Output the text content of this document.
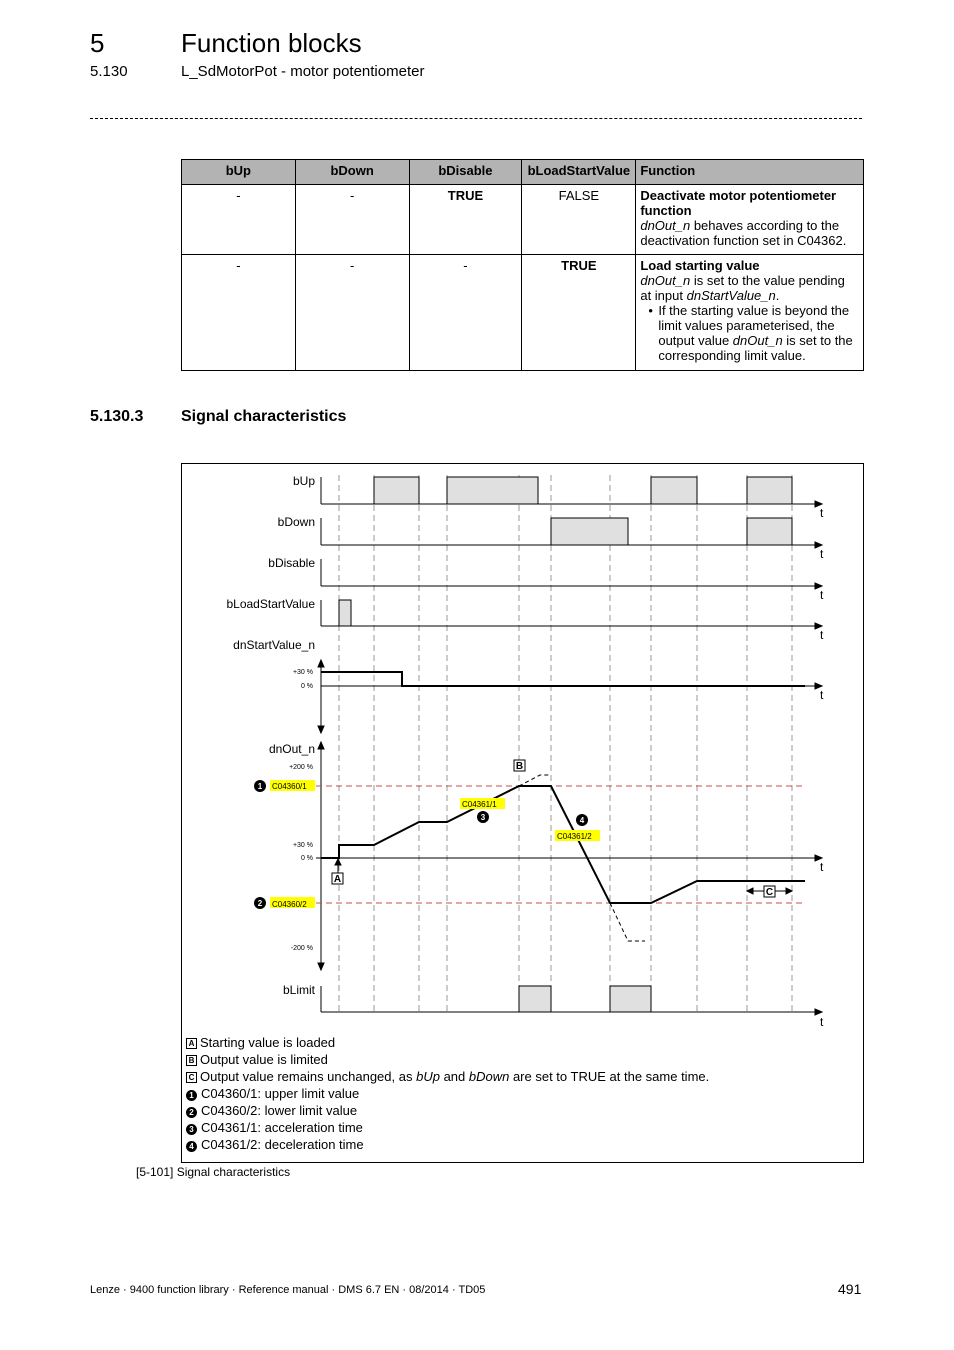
5	Function blocks
5.130	L_SdMotorPot - motor potentiometer
bUp	bDown	bDisable	bLoadStartValue	Function
-	-	TRUE	FALSE	Deactivate motor potentiometer function
dnOut_n behaves according to the deactivation function set in C04362.

-	-	-	TRUE	Load starting value
dnOut_n is set to the value pending at input dnStartValue_n.
• If the starting value is beyond the limit values parameterised, the output value dnOut_n is set to the corresponding limit value.
5.130.3 Signal characteristics
bUp
bDown
bDisable
bLoadStartValue
dnStartValue_n
dnOut_n
bLimit
t
t
t
t
t
t
t
+30 %
0 %
+200 %
+30 %
0 %
-200 %
C04360/1
C04360/2
C04361/1
C04361/2
1
2
3	4
A
B
C
A Starting value is loaded
B Output value is limited
C Output value remains unchanged, as bUp and bDown are set to TRUE at the same time.
1 C04360/1: upper limit value
2 C04360/2: lower limit value
3 C04361/1: acceleration time
4 C04361/2: deceleration time
[5-101] Signal characteristics
Lenze · 9400 function library · Reference manual · DMS 6.7 EN · 08/2014 · TD05	491
